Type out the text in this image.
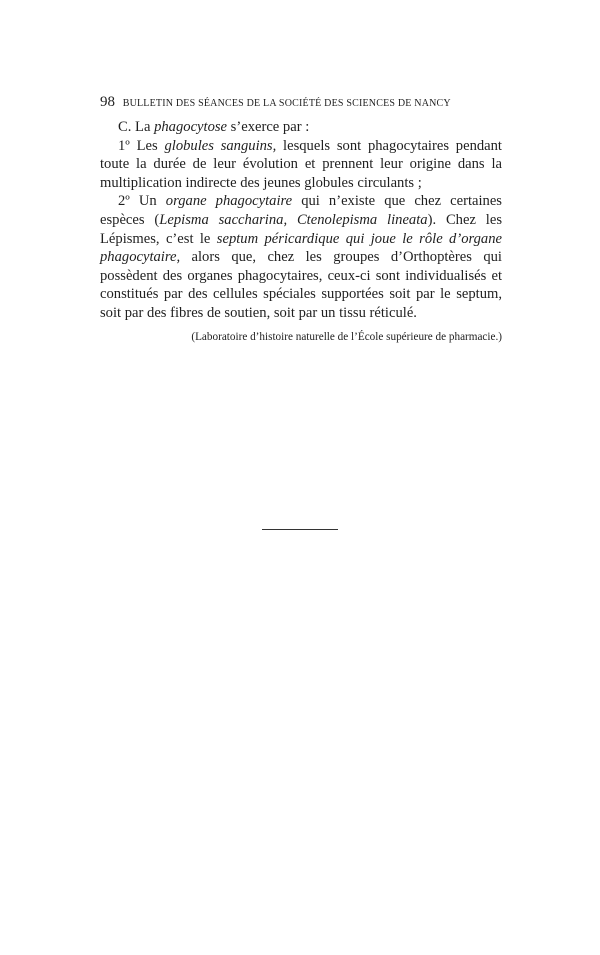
98 BULLETIN DES SÉANCES DE LA SOCIÉTÉ DES SCIENCES DE NANCY

C. La phagocytose s’exerce par :

1º Les globules sanguins, lesquels sont phagocytaires pendant toute la durée de leur évolution et prennent leur origine dans la multiplication indirecte des jeunes globules circulants ;

2º Un organe phagocytaire qui n’existe que chez certaines espèces (Lepisma saccharina, Ctenolepisma lineata). Chez les Lépismes, c’est le septum péricardique qui joue le rôle d’organe phagocytaire, alors que, chez les groupes d’Orthoptères qui possèdent des organes phagocytaires, ceux-ci sont individualisés et constitués par des cellules spéciales supportées soit par le septum, soit par des fibres de soutien, soit par un tissu réticulé.

(Laboratoire d’histoire naturelle de l’École supérieure de pharmacie.)
